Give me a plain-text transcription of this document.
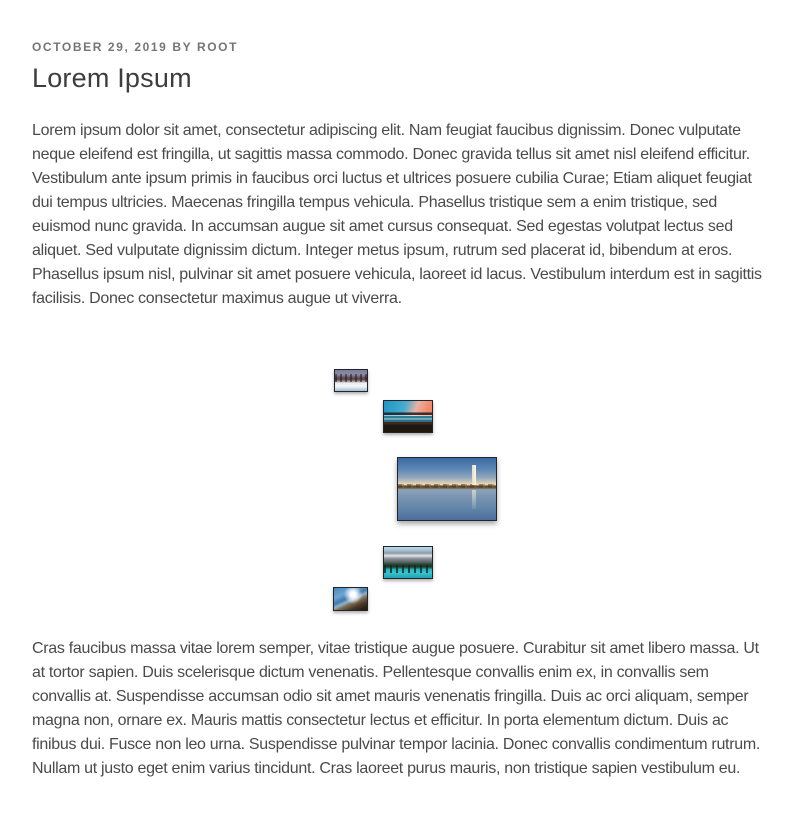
OCTOBER 29, 2019 BY ROOT
Lorem Ipsum

Lorem ipsum dolor sit amet, consectetur adipiscing elit. Nam feugiat faucibus dignissim. Donec vulputate neque eleifend est fringilla, ut sagittis massa commodo. Donec gravida tellus sit amet nisl eleifend efficitur. Vestibulum ante ipsum primis in faucibus orci luctus et ultrices posuere cubilia Curae; Etiam aliquet feugiat dui tempus ultricies. Maecenas fringilla tempus vehicula. Phasellus tristique sem a enim tristique, sed euismod nunc gravida. In accumsan augue sit amet cursus consequat. Sed egestas volutpat lectus sed aliquet. Sed vulputate dignissim dictum. Integer metus ipsum, rutrum sed placerat id, bibendum at eros. Phasellus ipsum nisl, pulvinar sit amet posuere vehicula, laoreet id lacus. Vestibulum interdum est in sagittis facilisis. Donec consectetur maximus augue ut viverra.

Cras faucibus massa vitae lorem semper, vitae tristique augue posuere. Curabitur sit amet libero massa. Ut at tortor sapien. Duis scelerisque dictum venenatis. Pellentesque convallis enim ex, in convallis sem convallis at. Suspendisse accumsan odio sit amet mauris venenatis fringilla. Duis ac orci aliquam, semper magna non, ornare ex. Mauris mattis consectetur lectus et efficitur. In porta elementum dictum. Duis ac finibus dui. Fusce non leo urna. Suspendisse pulvinar tempor lacinia. Donec convallis condimentum rutrum. Nullam ut justo eget enim varius tincidunt. Cras laoreet purus mauris, non tristique sapien vestibulum eu.
